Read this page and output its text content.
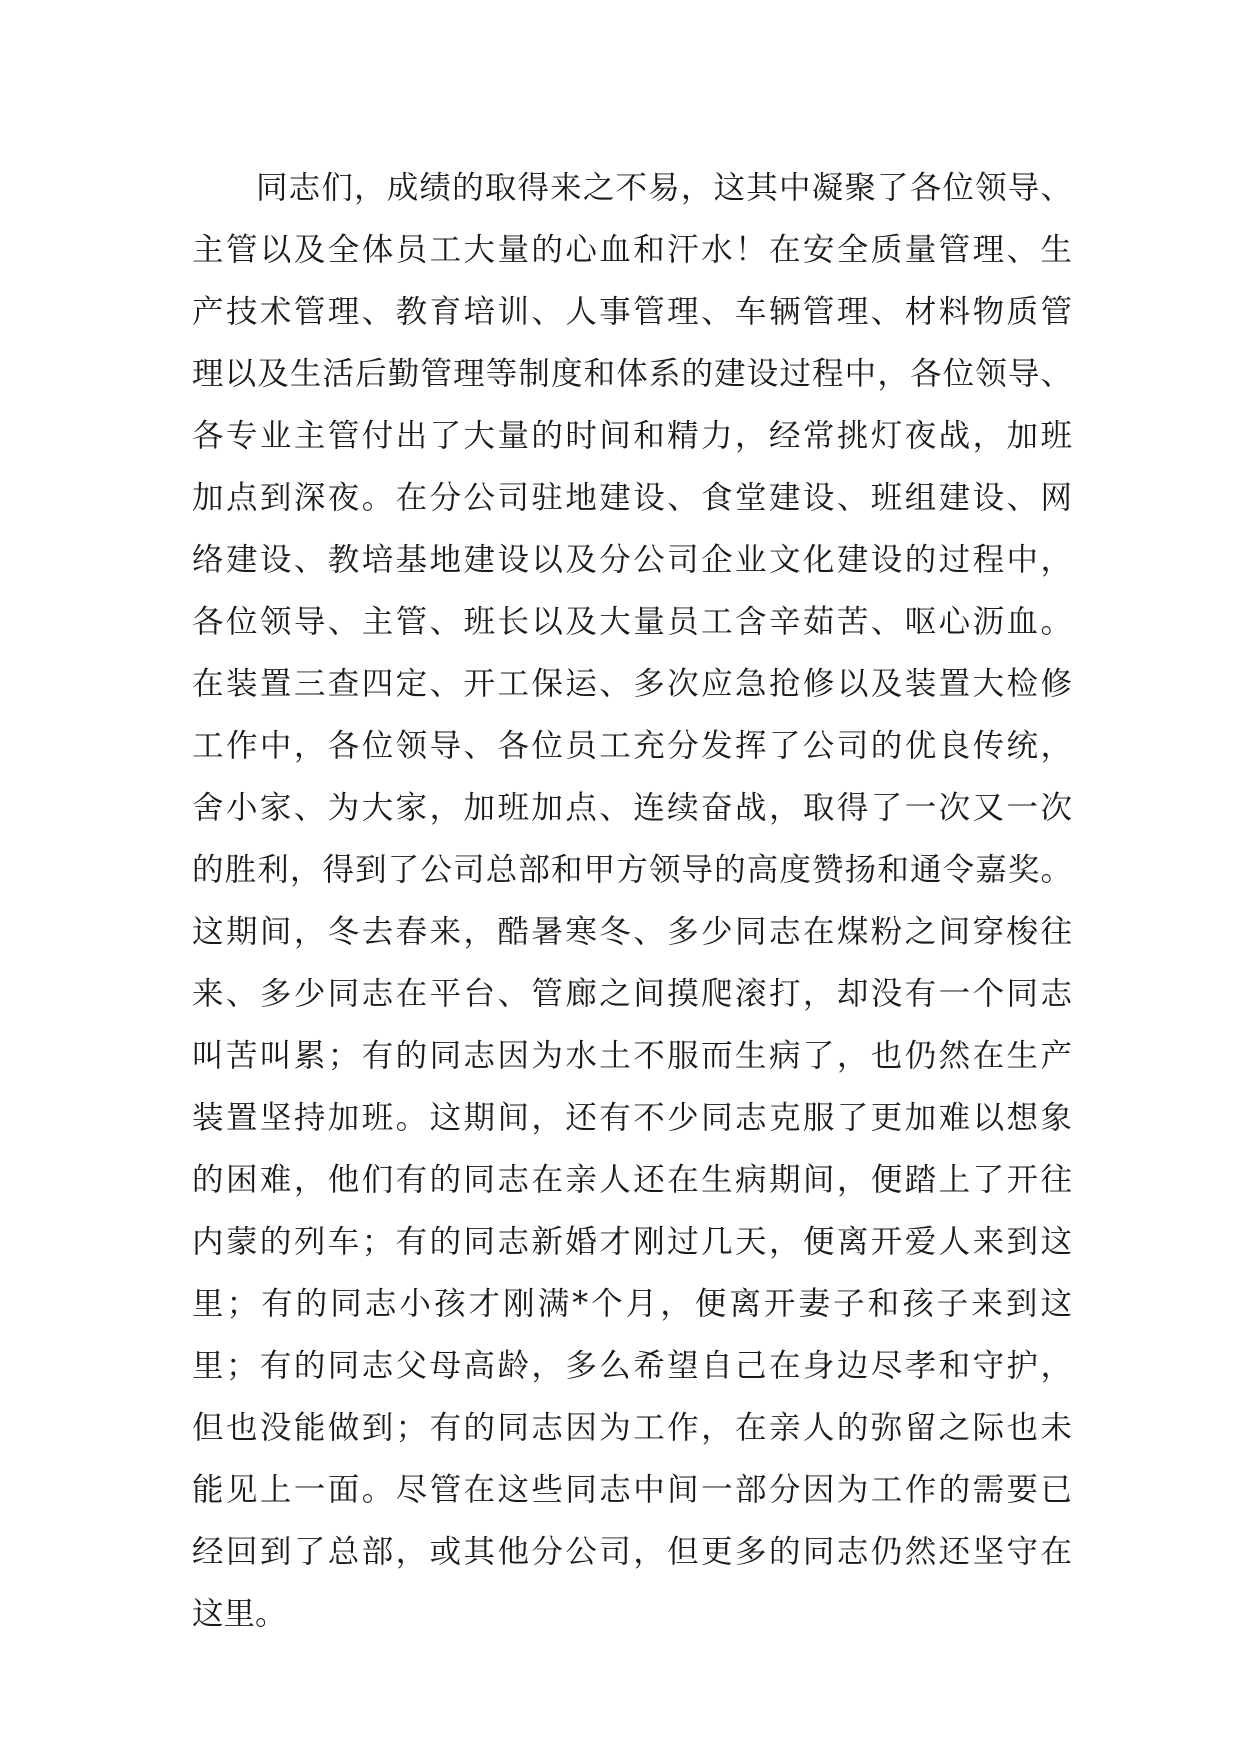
同志们，成绩的取得来之不易，这其中凝聚了各位领导、
主管以及全体员工大量的心血和汗水！在安全质量管理、生
产技术管理、教育培训、人事管理、车辆管理、材料物质管
理以及生活后勤管理等制度和体系的建设过程中，各位领导、
各专业主管付出了大量的时间和精力，经常挑灯夜战，加班
加点到深夜。在分公司驻地建设、食堂建设、班组建设、网
络建设、教培基地建设以及分公司企业文化建设的过程中，
各位领导、主管、班长以及大量员工含辛茹苦、呕心沥血。
在装置三查四定、开工保运、多次应急抢修以及装置大检修
工作中，各位领导、各位员工充分发挥了公司的优良传统，
舍小家、为大家，加班加点、连续奋战，取得了一次又一次
的胜利，得到了公司总部和甲方领导的高度赞扬和通令嘉奖。
这期间，冬去春来，酷暑寒冬、多少同志在煤粉之间穿梭往
来、多少同志在平台、管廊之间摸爬滚打，却没有一个同志
叫苦叫累；有的同志因为水土不服而生病了，也仍然在生产
装置坚持加班。这期间，还有不少同志克服了更加难以想象
的困难，他们有的同志在亲人还在生病期间，便踏上了开往
内蒙的列车；有的同志新婚才刚过几天，便离开爱人来到这
里；有的同志小孩才刚满*个月，便离开妻子和孩子来到这
里；有的同志父母高龄，多么希望自己在身边尽孝和守护，
但也没能做到；有的同志因为工作，在亲人的弥留之际也未
能见上一面。尽管在这些同志中间一部分因为工作的需要已
经回到了总部，或其他分公司，但更多的同志仍然还坚守在
这里。
